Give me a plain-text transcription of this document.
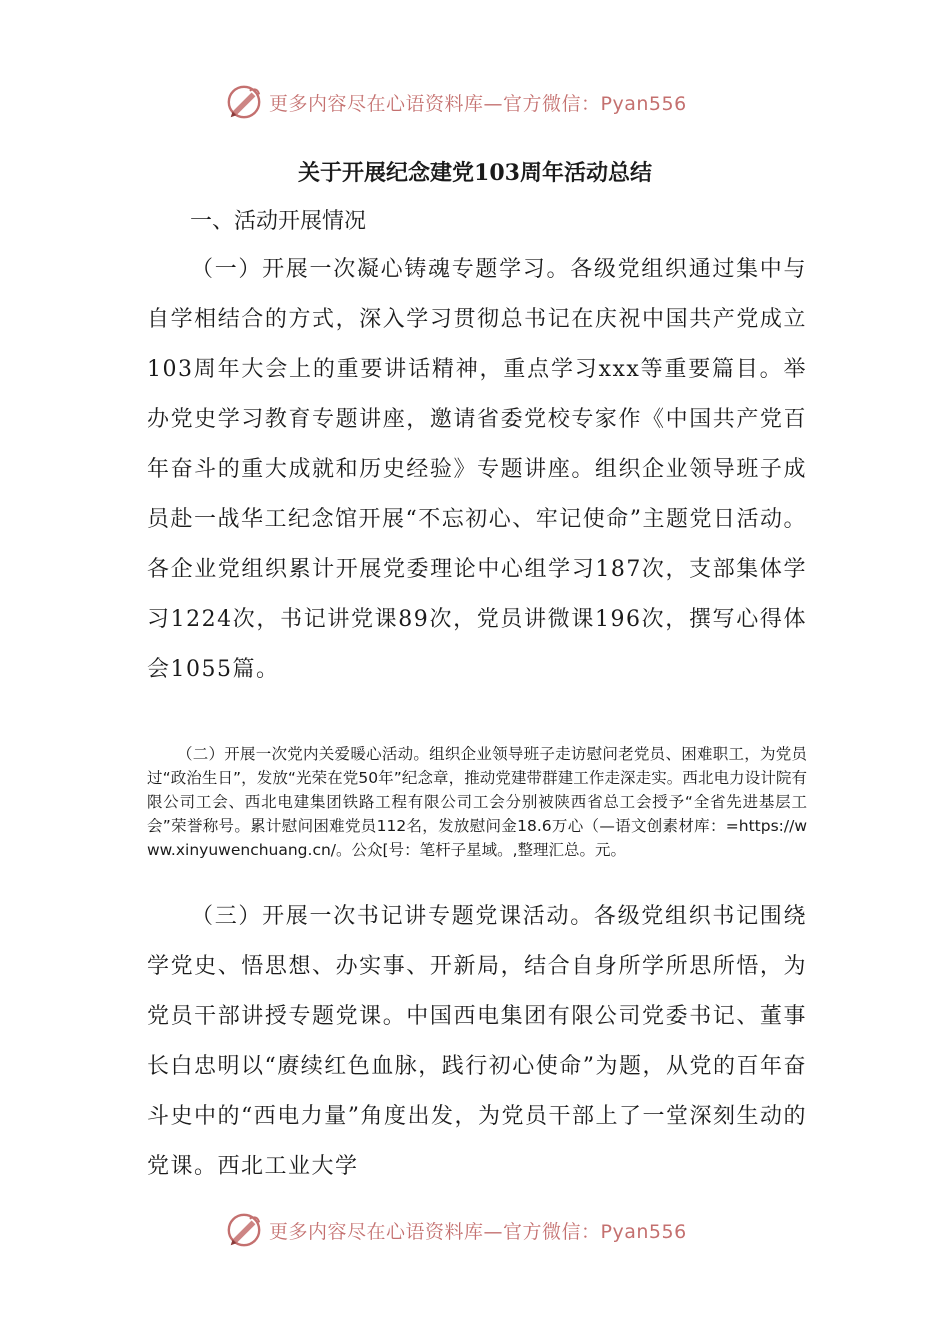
更多内容尽在心语资料库—官方微信：Pyan556
关于开展纪念建党103周年活动总结
一、活动开展情况

（一）开展一次凝心铸魂专题学习。各级党组织通过集中与自学相结合的方式，深入学习贯彻总书记在庆祝中国共产党成立103周年大会上的重要讲话精神，重点学习xxx等重要篇目。举办党史学习教育专题讲座，邀请省委党校专家作《中国共产党百年奋斗的重大成就和历史经验》专题讲座。组织企业领导班子成员赴一战华工纪念馆开展“不忘初心、牢记使命”主题党日活动。各企业党组织累计开展党委理论中心组学习187次，支部集体学习1224次，书记讲党课89次，党员讲微课196次，撰写心得体会1055篇。

（二）开展一次党内关爱暖心活动。组织企业领导班子走访慰问老党员、困难职工，为党员过“政治生日”，发放“光荣在党50年”纪念章，推动党建带群建工作走深走实。西北电力设计院有限公司工会、西北电建集团铁路工程有限公司工会分别被陕西省总工会授予“全省先进基层工会”荣誉称号。累计慰问困难党员112名，发放慰问金18.6万心（—语文创素材库：=https://www.xinyuwenchuang.cn/。公众[号：笔杆子星域。,整理汇总。元。

（三）开展一次书记讲专题党课活动。各级党组织书记围绕学党史、悟思想、办实事、开新局，结合自身所学所思所悟，为党员干部讲授专题党课。中国西电集团有限公司党委书记、董事长白忠明以“赓续红色血脉，践行初心使命”为题，从党的百年奋斗史中的“西电力量”角度出发，为党员干部上了一堂深刻生动的党课。西北工业大学

更多内容尽在心语资料库—官方微信：Pyan556
